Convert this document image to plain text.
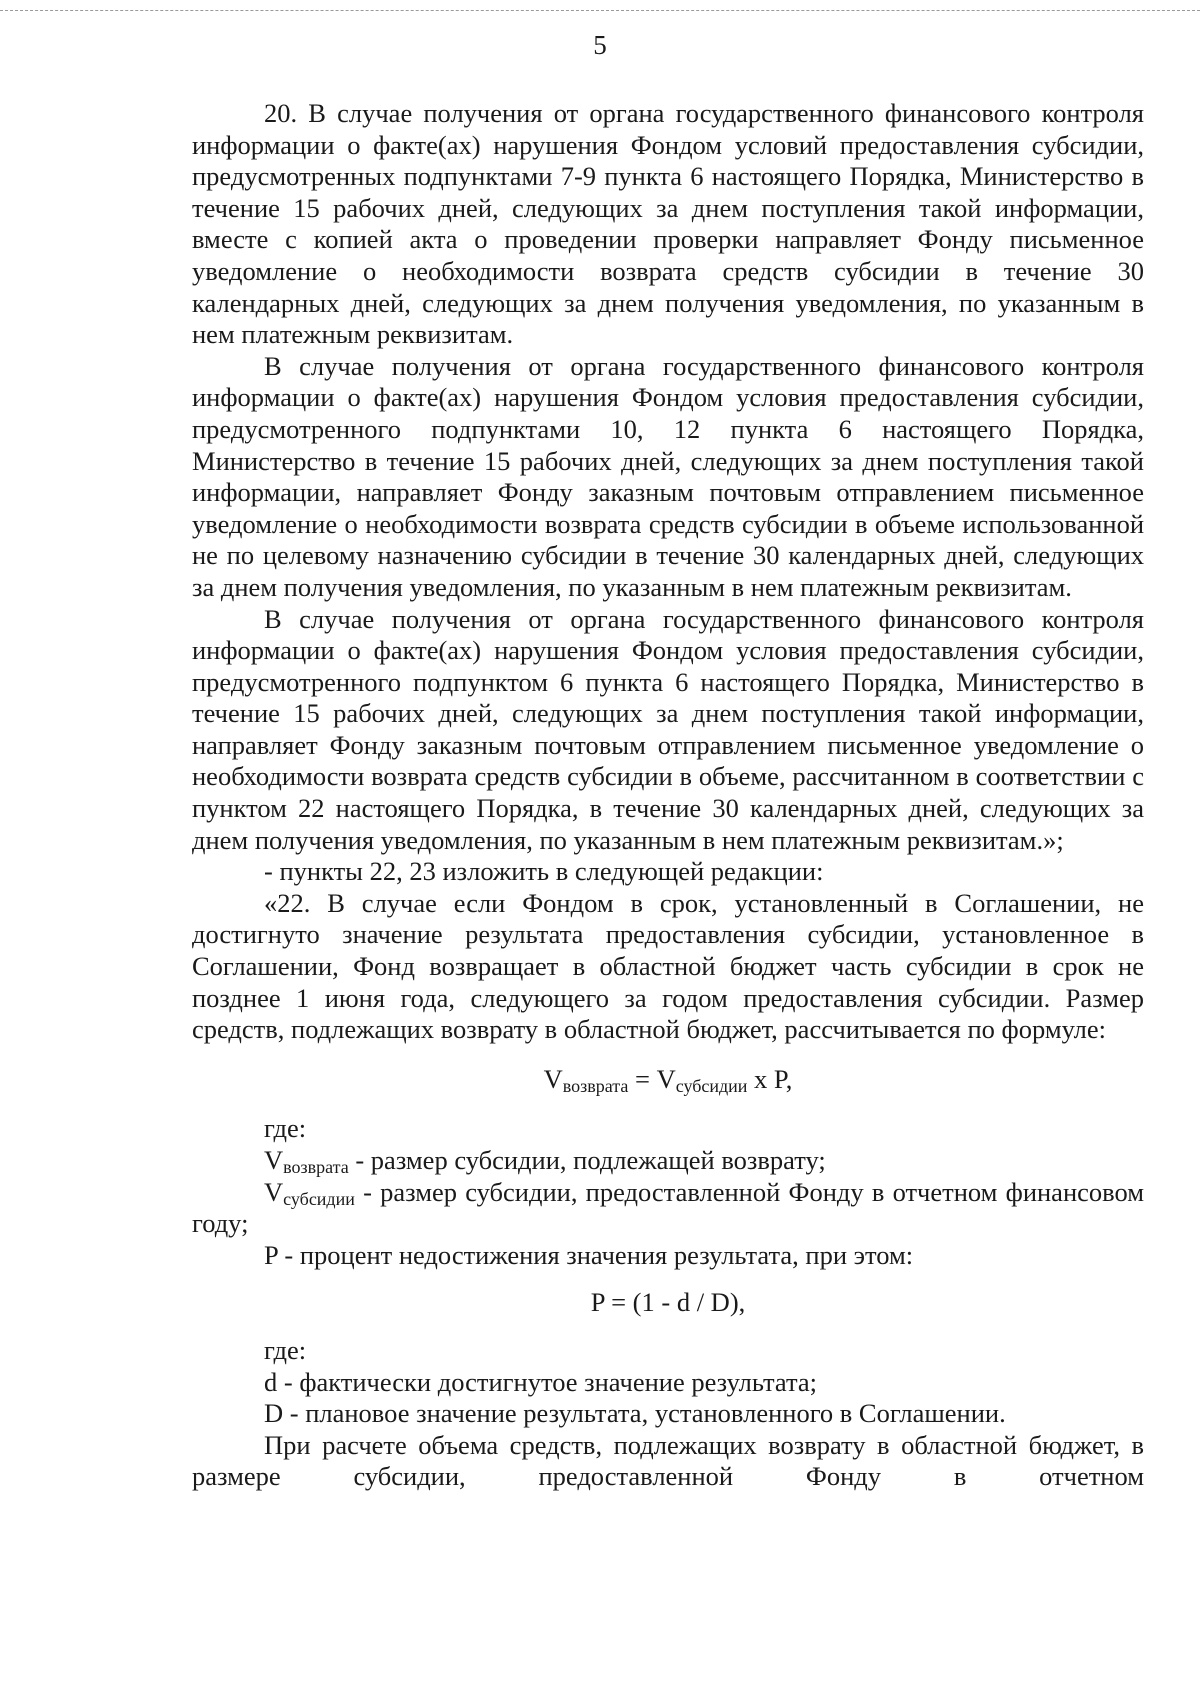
5

20. В случае получения от органа государственного финансового контроля информации о факте(ах) нарушения Фондом условий предоставления субсидии, предусмотренных подпунктами 7-9 пункта 6 настоящего Порядка, Министерство в течение 15 рабочих дней, следующих за днем поступления такой информации, вместе с копией акта о проведении проверки направляет Фонду письменное уведомление о необходимости возврата средств субсидии в течение 30 календарных дней, следующих за днем получения уведомления, по указанным в нем платежным реквизитам.

В случае получения от органа государственного финансового контроля информации о факте(ах) нарушения Фондом условия предоставления субсидии, предусмотренного подпунктами 10, 12 пункта 6 настоящего Порядка, Министерство в течение 15 рабочих дней, следующих за днем поступления такой информации, направляет Фонду заказным почтовым отправлением письменное уведомление о необходимости возврата средств субсидии в объеме использованной не по целевому назначению субсидии в течение 30 календарных дней, следующих за днем получения уведомления, по указанным в нем платежным реквизитам.

В случае получения от органа государственного финансового контроля информации о факте(ах) нарушения Фондом условия предоставления субсидии, предусмотренного подпунктом 6 пункта 6 настоящего Порядка, Министерство в течение 15 рабочих дней, следующих за днем поступления такой информации, направляет Фонду заказным почтовым отправлением письменное уведомление о необходимости возврата средств субсидии в объеме, рассчитанном в соответствии с пунктом 22 настоящего Порядка, в течение 30 календарных дней, следующих за днем получения уведомления, по указанным в нем платежным реквизитам.»;

- пункты 22, 23 изложить в следующей редакции:

«22. В случае если Фондом в срок, установленный в Соглашении, не достигнуто значение результата предоставления субсидии, установленное в Соглашении, Фонд возвращает в областной бюджет часть субсидии в срок не позднее 1 июня года, следующего за годом предоставления субсидии. Размер средств, подлежащих возврату в областной бюджет, рассчитывается по формуле:

$V_{возврата} = V_{субсидии}$ x P,

где:

$V_{возврата}$ - размер субсидии, подлежащей возврату;

$V_{субсидии}$ - размер субсидии, предоставленной Фонду в отчетном финансовом году;

P - процент недостижения значения результата, при этом:

P = (1 - d / D),

где:

d - фактически достигнутое значение результата;

D - плановое значение результата, установленного в Соглашении.

При расчете объема средств, подлежащих возврату в областной бюджет, в размере субсидии, предоставленной Фонду в отчетном
